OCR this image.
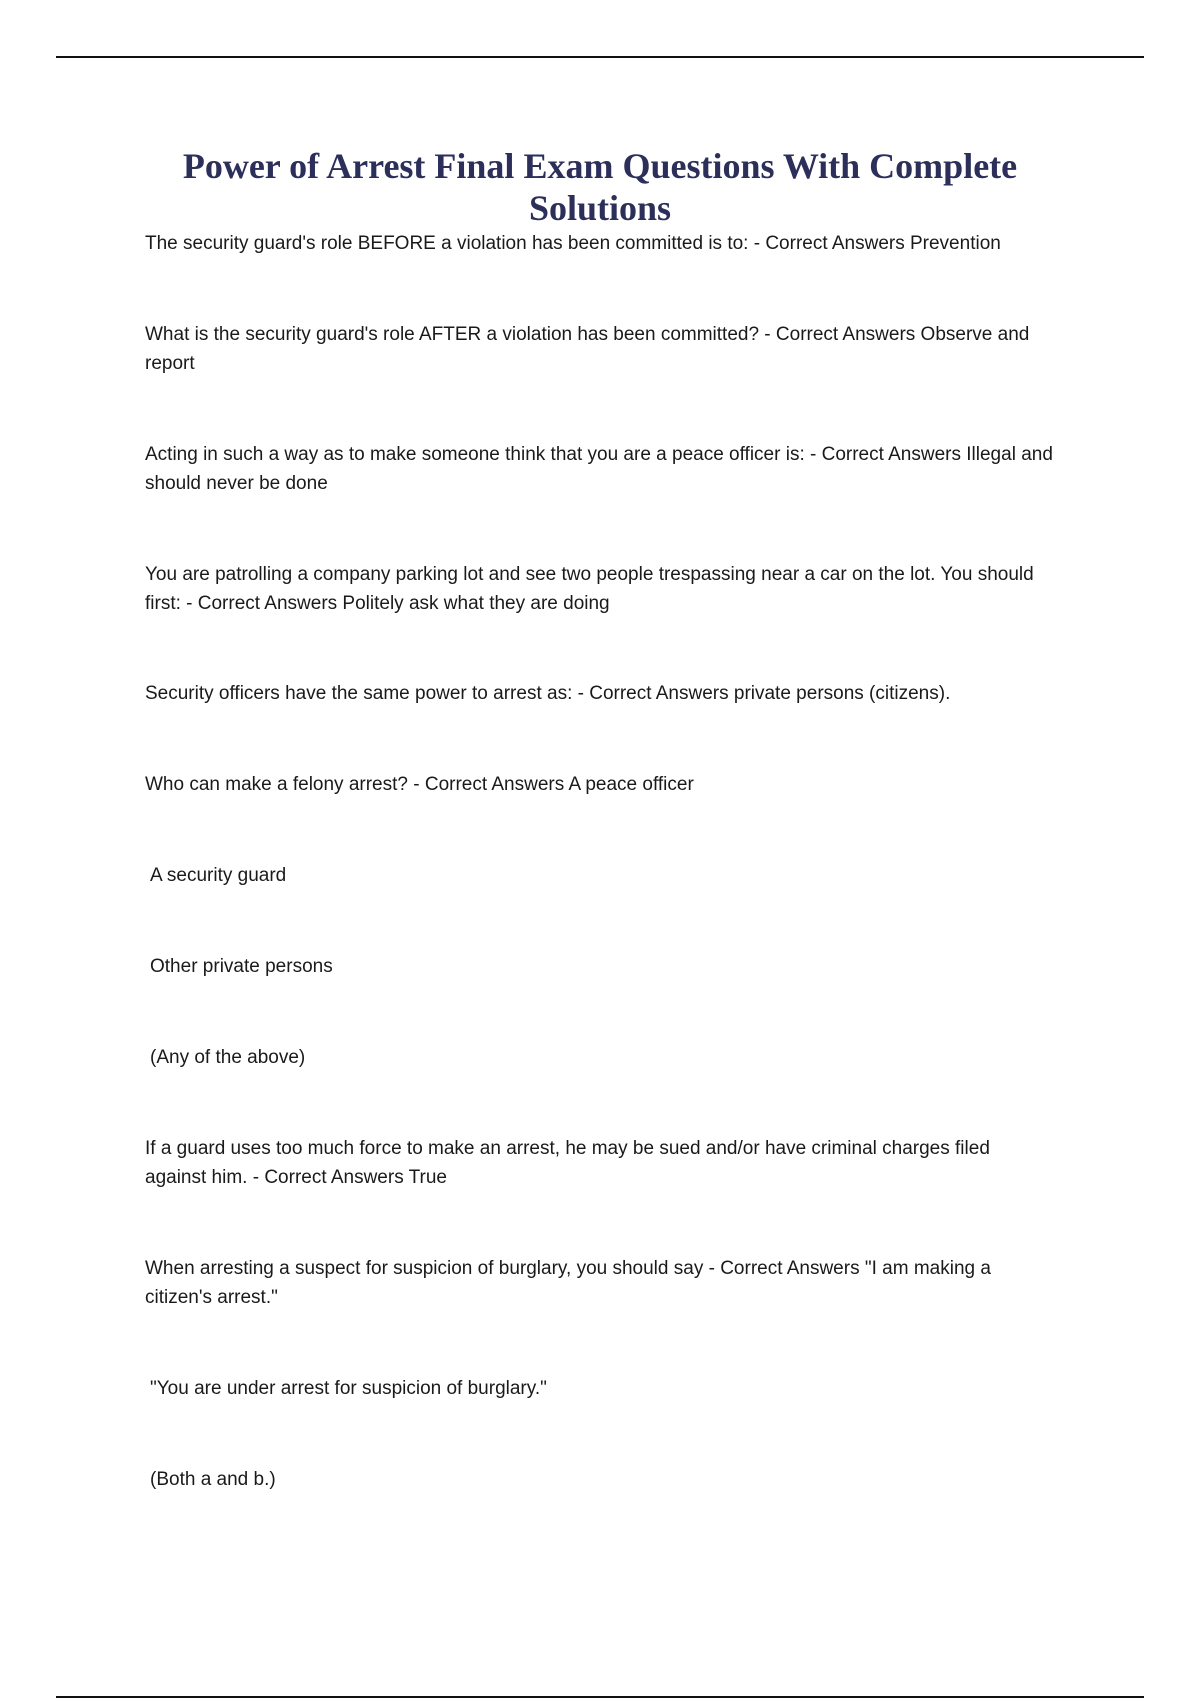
Power of Arrest Final Exam Questions With Complete Solutions

The security guard's role BEFORE a violation has been committed is to: - Correct Answers Prevention

What is the security guard's role AFTER a violation has been committed? - Correct Answers Observe and report

Acting in such a way as to make someone think that you are a peace officer is: - Correct Answers Illegal and should never be done

You are patrolling a company parking lot and see two people trespassing near a car on the lot. You should first: - Correct Answers Politely ask what they are doing

Security officers have the same power to arrest as: - Correct Answers private persons (citizens).

Who can make a felony arrest? - Correct Answers A peace officer

A security guard

Other private persons

(Any of the above)

If a guard uses too much force to make an arrest, he may be sued and/or have criminal charges filed against him. - Correct Answers True

When arresting a suspect for suspicion of burglary, you should say - Correct Answers "I am making a citizen's arrest."

"You are under arrest for suspicion of burglary."

(Both a and b.)
